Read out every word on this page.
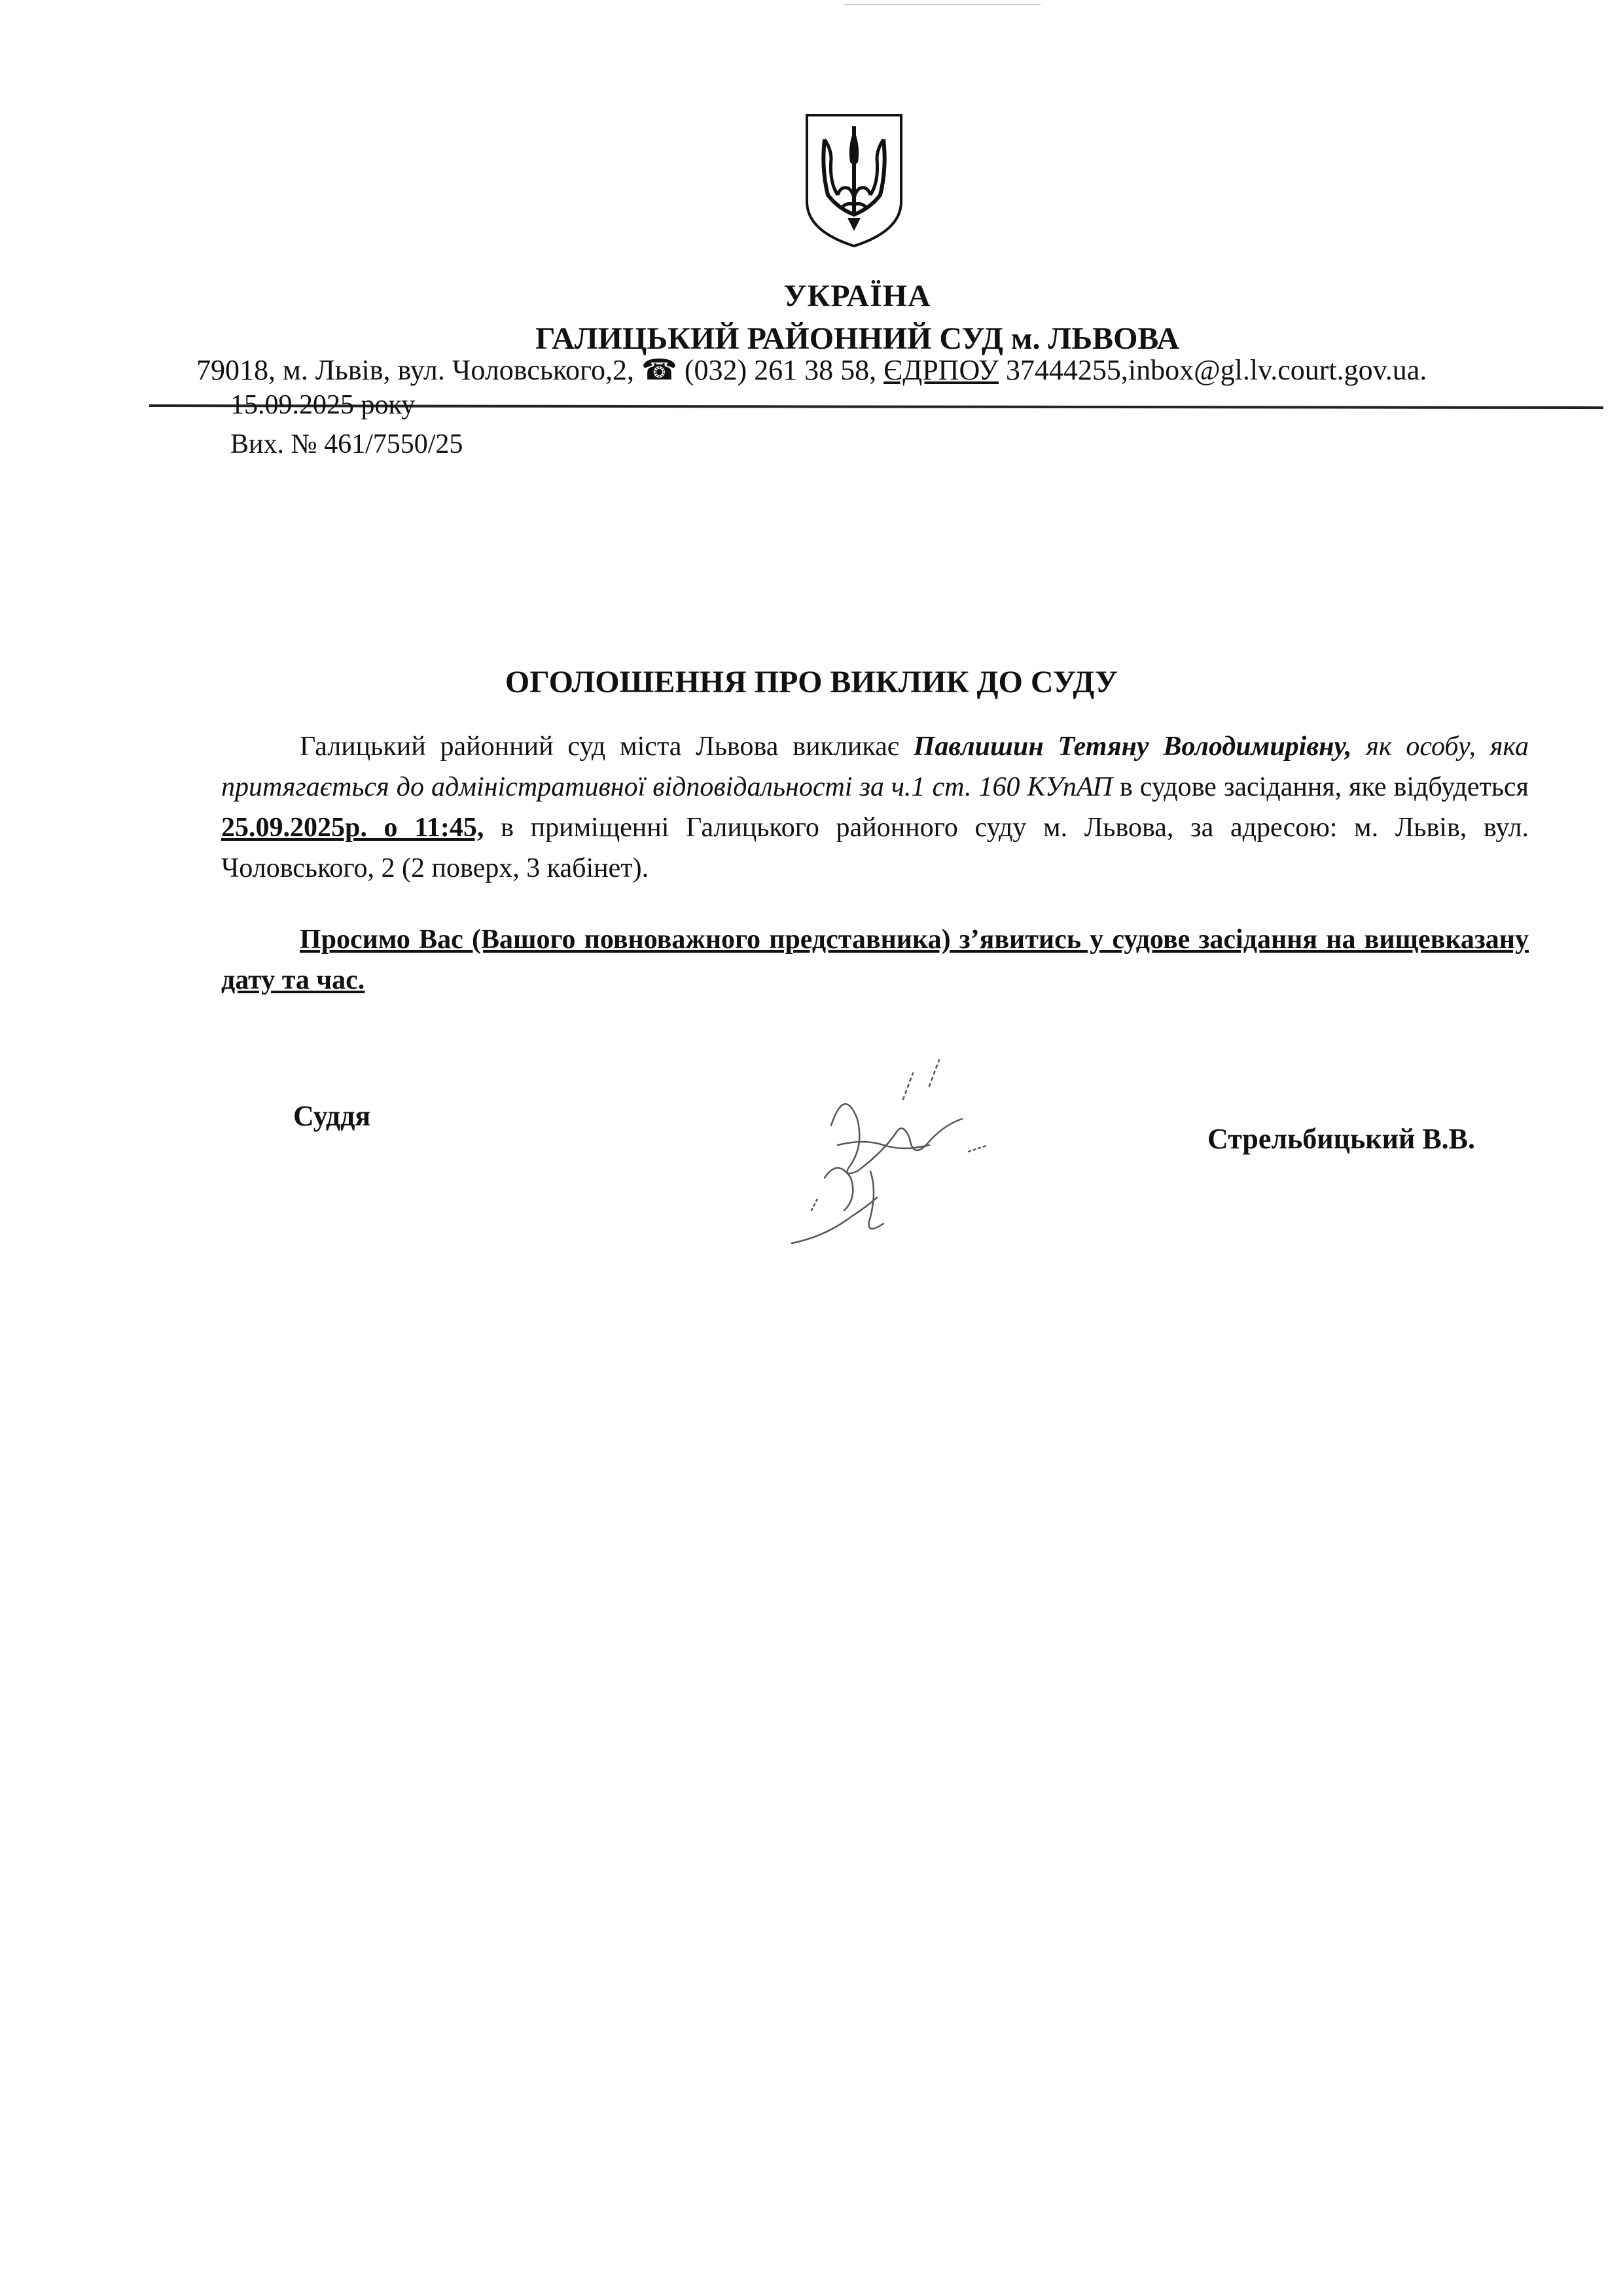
УКРАЇНА
ГАЛИЦЬКИЙ РАЙОННИЙ СУД м. ЛЬВОВА
79018, м. Львів, вул. Чоловського,2, ☎ (032) 261 38 58, ЄДРПОУ 37444255,inbox@gl.lv.court.gov.ua.
15.09.2025 року
Вих. № 461/7550/25
ОГОЛОШЕННЯ ПРО ВИКЛИК ДО СУДУ
Галицький районний суд міста Львова викликає Павлишин Тетяну Володимирівну, як особу, яка притягається до адміністративної відповідальності за ч.1 ст. 160 КУпАП в судове засідання, яке відбудеться 25.09.2025р. о 11:45, в приміщенні Галицького районного суду м. Львова, за адресою: м. Львів, вул. Чоловського, 2 (2 поверх, 3 кабінет).
Просимо Вас (Вашого повноважного представника) з’явитись у судове засідання на вищевказану дату та час.
Суддя
Стрельбицький В.В.
